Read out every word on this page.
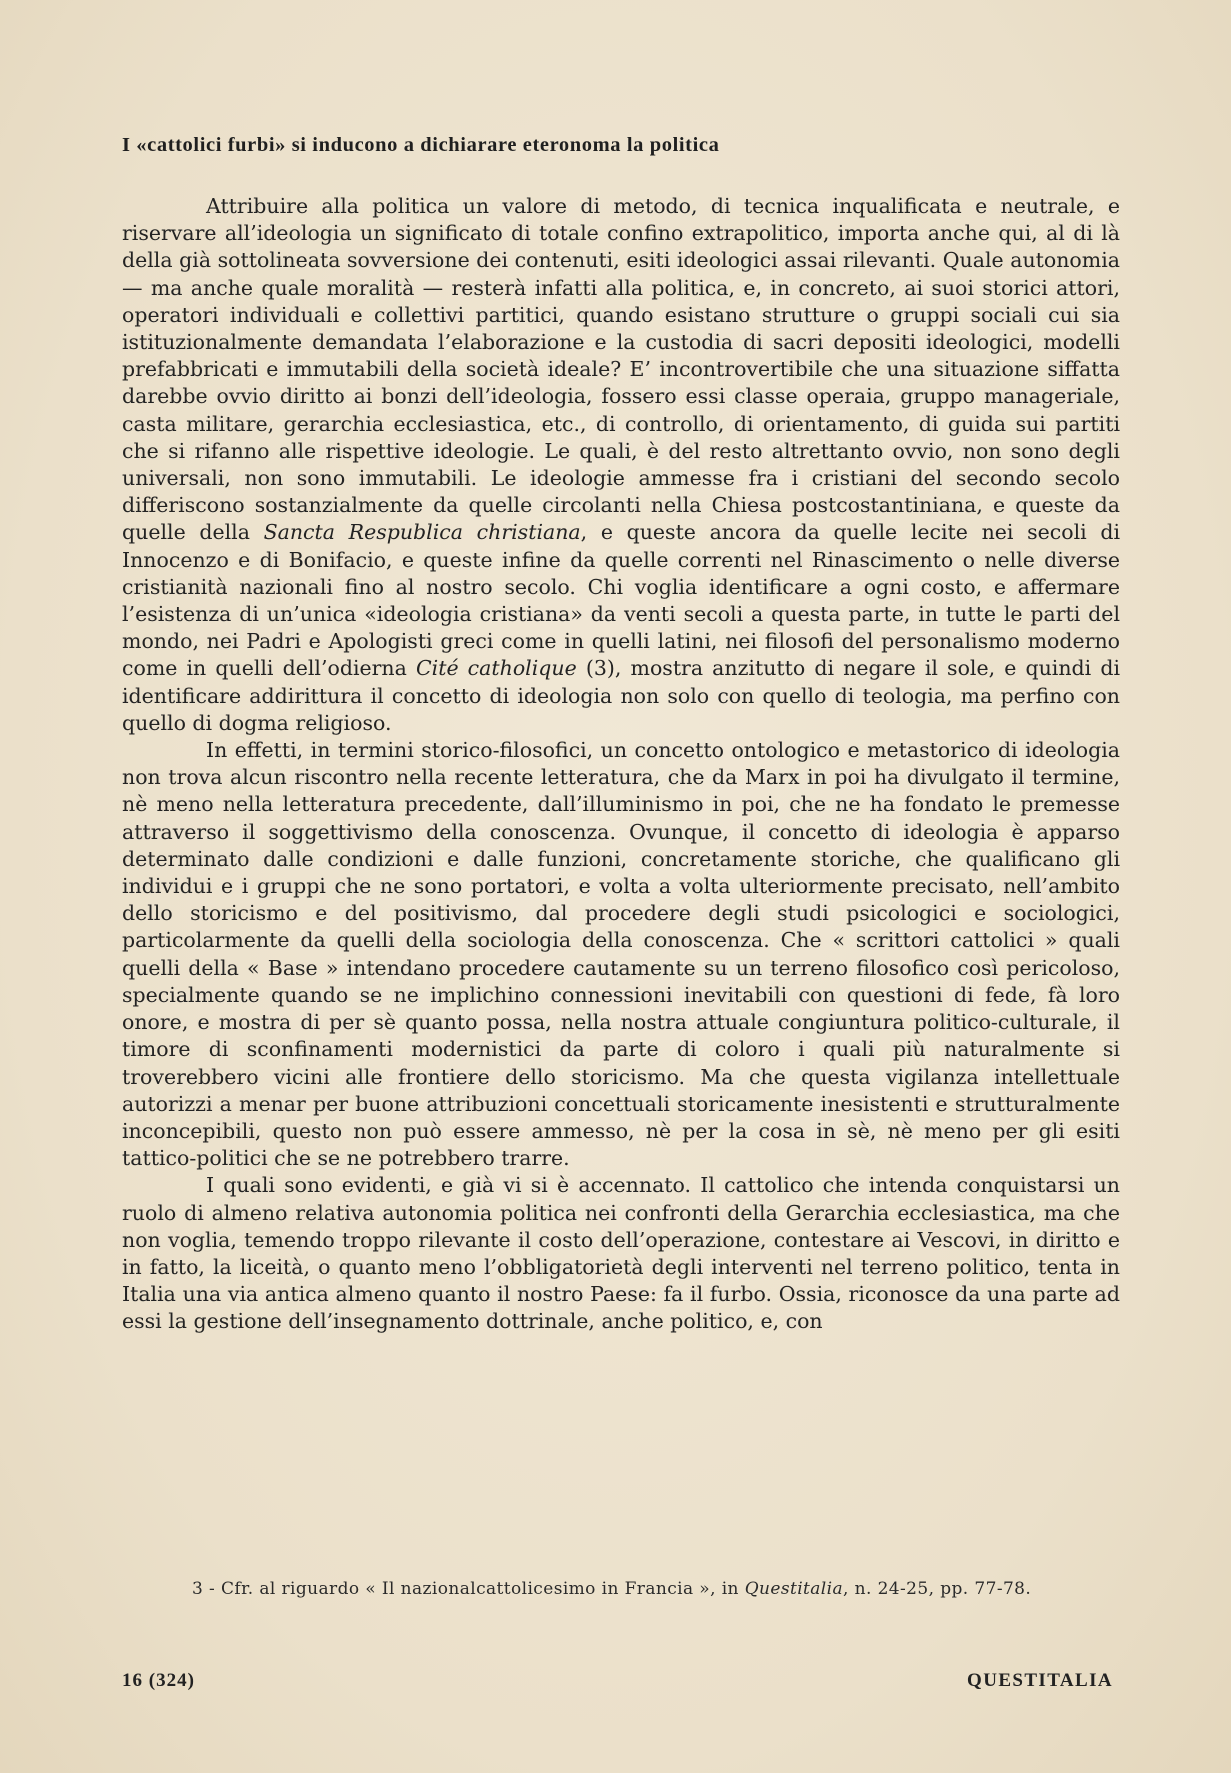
I «cattolici furbi» si inducono a dichiarare eteronoma la politica

Attribuire alla politica un valore di metodo, di tecnica inqualificata e neutrale, e riservare all’ideologia un significato di totale confino extrapolitico, importa anche qui, al di là della già sottolineata sovversione dei contenuti, esiti ideologici assai rilevanti. Quale autonomia — ma anche quale moralità — resterà infatti alla politica, e, in concreto, ai suoi storici attori, operatori individuali e collettivi partitici, quando esistano strutture o gruppi sociali cui sia istituzionalmente demandata l’elaborazione e la custodia di sacri depositi ideologici, modelli prefabbricati e immutabili della società ideale? E’ incontrovertibile che una situazione siffatta darebbe ovvio diritto ai bonzi dell’ideologia, fossero essi classe operaia, gruppo manageriale, casta militare, gerarchia ecclesiastica, etc., di controllo, di orientamento, di guida sui partiti che si rifanno alle rispettive ideologie. Le quali, è del resto altrettanto ovvio, non sono degli universali, non sono immutabili. Le ideologie ammesse fra i cristiani del secondo secolo differiscono sostanzialmente da quelle circolanti nella Chiesa postcostantiniana, e queste da quelle della Sancta Respublica christiana, e queste ancora da quelle lecite nei secoli di Innocenzo e di Bonifacio, e queste infine da quelle correnti nel Rinascimento o nelle diverse cristianità nazionali fino al nostro secolo. Chi voglia identificare a ogni costo, e affermare l’esistenza di un’unica «ideologia cristiana» da venti secoli a questa parte, in tutte le parti del mondo, nei Padri e Apologisti greci come in quelli latini, nei filosofi del personalismo moderno come in quelli dell’odierna Cité catholique (3), mostra anzitutto di negare il sole, e quindi di identificare addirittura il concetto di ideologia non solo con quello di teologia, ma perfino con quello di dogma religioso.

In effetti, in termini storico-filosofici, un concetto ontologico e metastorico di ideologia non trova alcun riscontro nella recente letteratura, che da Marx in poi ha divulgato il termine, nè meno nella letteratura precedente, dall’illuminismo in poi, che ne ha fondato le premesse attraverso il soggettivismo della conoscenza. Ovunque, il concetto di ideologia è apparso determinato dalle condizioni e dalle funzioni, concretamente storiche, che qualificano gli individui e i gruppi che ne sono portatori, e volta a volta ulteriormente precisato, nell’ambito dello storicismo e del positivismo, dal procedere degli studi psicologici e sociologici, particolarmente da quelli della sociologia della conoscenza. Che « scrittori cattolici » quali quelli della « Base » intendano procedere cautamente su un terreno filosofico così pericoloso, specialmente quando se ne implichino connessioni inevitabili con questioni di fede, fà loro onore, e mostra di per sè quanto possa, nella nostra attuale congiuntura politico-culturale, il timore di sconfinamenti modernistici da parte di coloro i quali più naturalmente si troverebbero vicini alle frontiere dello storicismo. Ma che questa vigilanza intellettuale autorizzi a menar per buone attribuzioni concettuali storicamente inesistenti e strutturalmente inconcepibili, questo non può essere ammesso, nè per la cosa in sè, nè meno per gli esiti tattico-politici che se ne potrebbero trarre.

I quali sono evidenti, e già vi si è accennato. Il cattolico che intenda conquistarsi un ruolo di almeno relativa autonomia politica nei confronti della Gerarchia ecclesiastica, ma che non voglia, temendo troppo rilevante il costo dell’operazione, contestare ai Vescovi, in diritto e in fatto, la liceità, o quanto meno l’obbligatorietà degli interventi nel terreno politico, tenta in Italia una via antica almeno quanto il nostro Paese: fa il furbo. Ossia, riconosce da una parte ad essi la gestione dell’insegnamento dottrinale, anche politico, e, con

3 - Cfr. al riguardo « Il nazionalcattolicesimo in Francia », in Questitalia, n. 24-25, pp. 77-78.
16 (324)	QUESTITALIA
